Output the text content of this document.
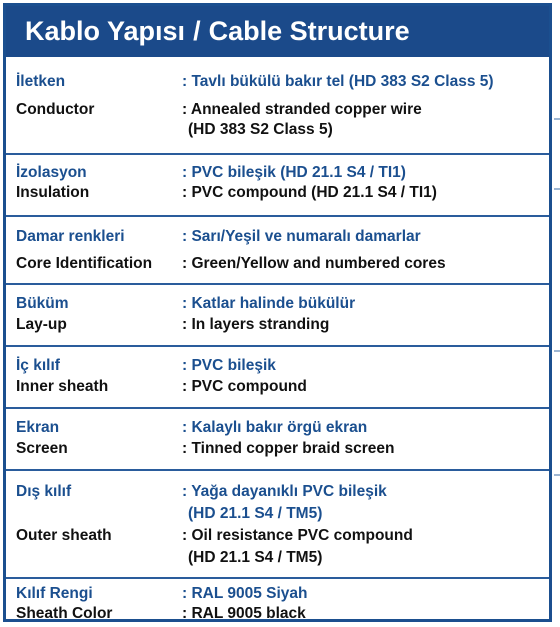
Kablo Yapısı / Cable Structure
İletken	: Tavlı bükülü bakır tel (HD 383 S2 Class 5)
Conductor	: Annealed stranded copper wire
(HD 383 S2 Class 5)
İzolasyon	: PVC bileşik (HD 21.1 S4 / TI1)
Insulation	: PVC compound (HD 21.1 S4 / TI1)
Damar renkleri	: Sarı/Yeşil ve numaralı damarlar
Core Identification : Green/Yellow and numbered cores
Büküm	: Katlar halinde bükülür
Lay-up	: In layers stranding
İç kılıf	: PVC bileşik
Inner sheath	: PVC compound
Ekran	: Kalaylı bakır örgü ekran
Screen	: Tinned copper braid screen
Dış kılıf	: Yağa dayanıklı PVC bileşik
(HD 21.1 S4 / TM5)
Outer sheath	: Oil resistance PVC compound
(HD 21.1 S4 / TM5)
Kılıf Rengi	: RAL 9005 Siyah
Sheath Color	: RAL 9005 black
